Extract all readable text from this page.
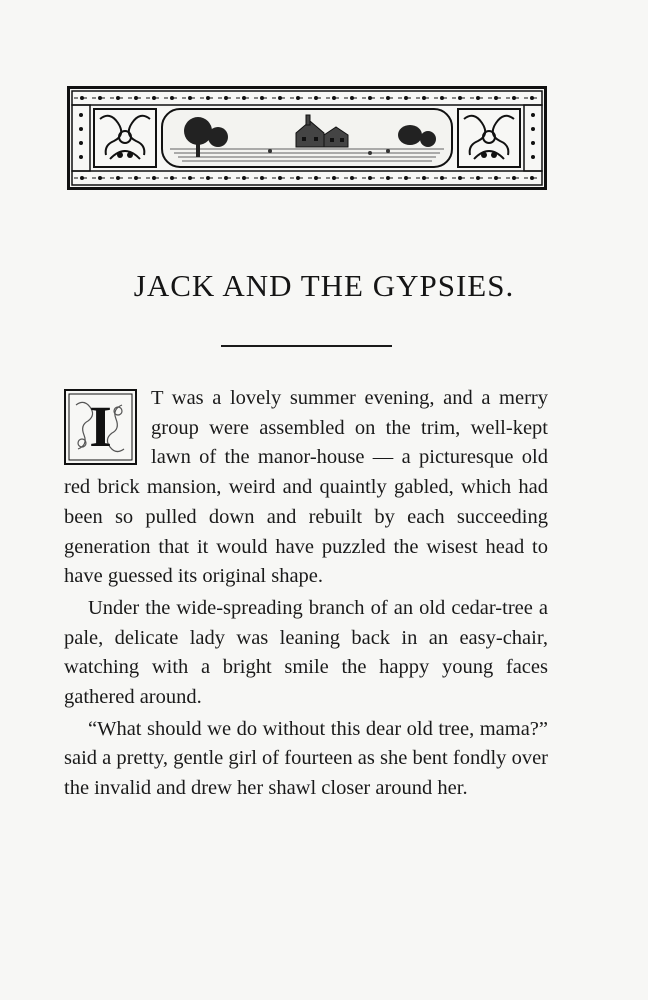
JACK AND THE GYPSIES.
I	T was a lovely summer evening, and a merry group were assembled on the trim, well-kept lawn of the manor-house — a picturesque old red brick mansion, weird and quaintly gabled, which had been so pulled down and rebuilt by each succeeding generation that it would have puzzled the wisest head to have guessed its original shape.

Under the wide-spreading branch of an old cedar-tree a pale, delicate lady was leaning back in an easy-chair, watching with a bright smile the happy young faces gathered around.

“What should we do without this dear old tree, mama?” said a pretty, gentle girl of fourteen as she bent fondly over the invalid and drew her shawl closer around her.
